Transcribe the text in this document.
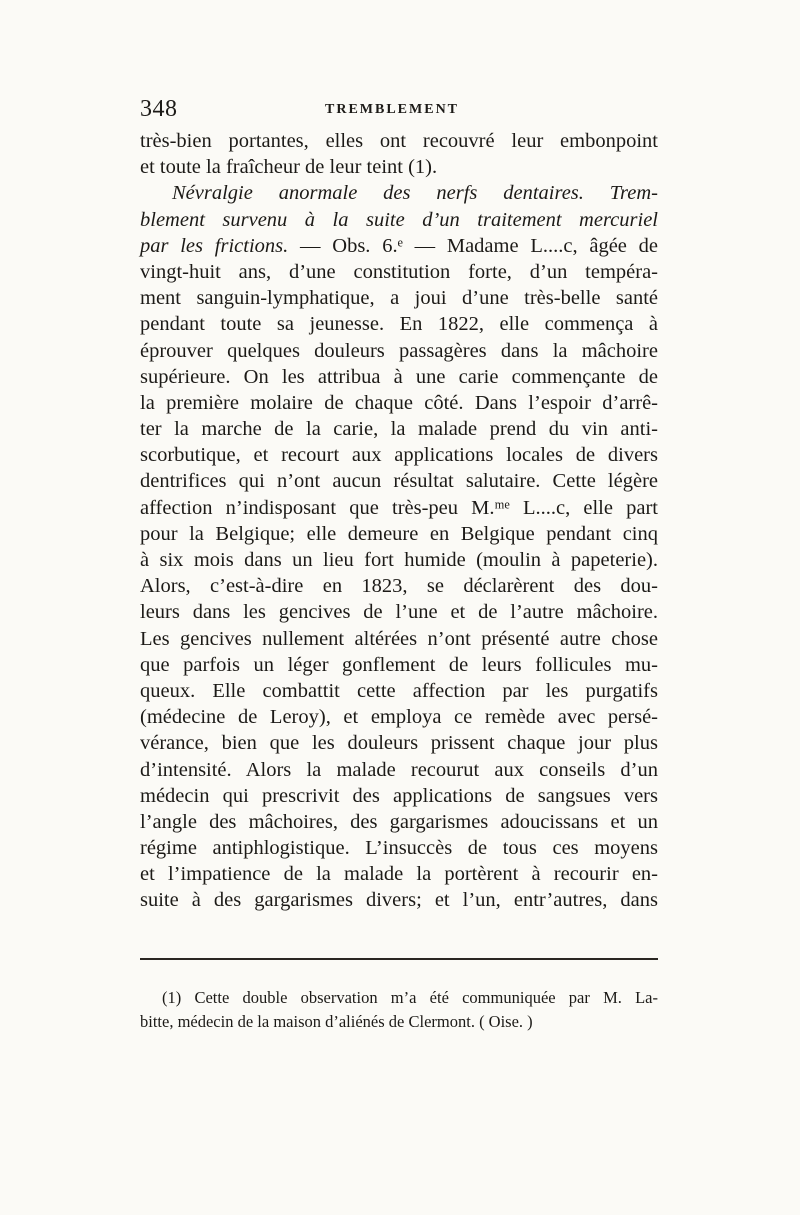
348	TREMBLEMENT
très-bien portantes, elles ont recouvré leur embonpoint
et toute la fraîcheur de leur teint (1).
Névralgie anormale des nerfs dentaires. Trem-
blement survenu à la suite d’un traitement mercuriel
par les frictions. — Obs. 6.ᵉ — Madame L....c, âgée de
vingt-huit ans, d’une constitution forte, d’un tempéra-
ment sanguin-lymphatique, a joui d’une très-belle santé
pendant toute sa jeunesse. En 1822, elle commença à
éprouver quelques douleurs passagères dans la mâchoire
supérieure. On les attribua à une carie commençante de
la première molaire de chaque côté. Dans l’espoir d’arrê-
ter la marche de la carie, la malade prend du vin anti-
scorbutique, et recourt aux applications locales de divers
dentrifices qui n’ont aucun résultat salutaire. Cette légère
affection n’indisposant que très-peu M.ᵐᵉ L....c, elle part
pour la Belgique; elle demeure en Belgique pendant cinq
à six mois dans un lieu fort humide (moulin à papeterie).
Alors, c’est-à-dire en 1823, se déclarèrent des dou-
leurs dans les gencives de l’une et de l’autre mâchoire.
Les gencives nullement altérées n’ont présenté autre chose
que parfois un léger gonflement de leurs follicules mu-
queux. Elle combattit cette affection par les purgatifs
(médecine de Leroy), et employa ce remède avec persé-
vérance, bien que les douleurs prissent chaque jour plus
d’intensité. Alors la malade recourut aux conseils d’un
médecin qui prescrivit des applications de sangsues vers
l’angle des mâchoires, des gargarismes adoucissans et un
régime antiphlogistique. L’insuccès de tous ces moyens
et l’impatience de la malade la portèrent à recourir en-
suite à des gargarismes divers; et l’un, entr’autres, dans
(1) Cette double observation m’a été communiquée par M. La-
bitte, médecin de la maison d’aliénés de Clermont. ( Oise. )
